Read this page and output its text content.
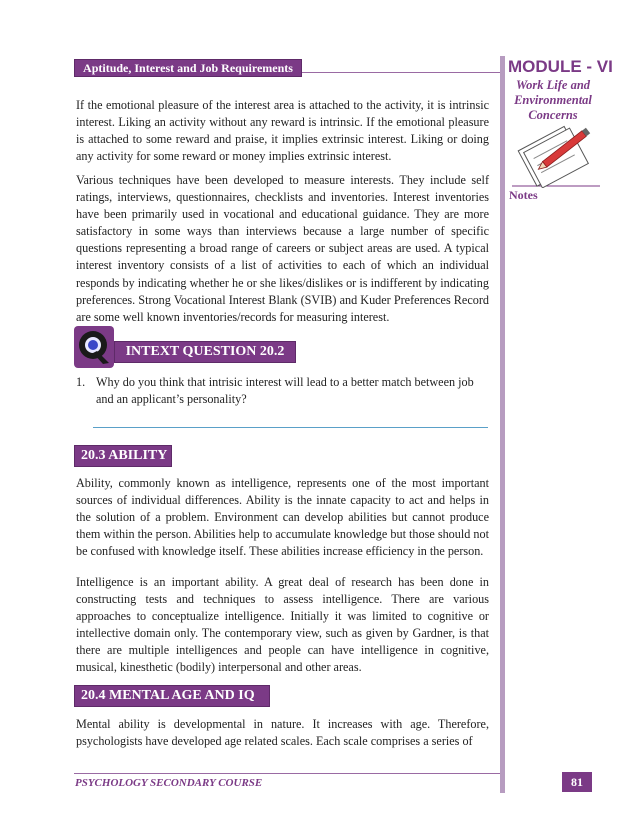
Aptitude, Interest and Job Requirements	MODULE - VI
Work Life and Environmental Concerns
Notes

If the emotional pleasure of the interest area is attached to the activity, it is intrinsic interest. Liking an activity without any reward is intrinsic. If the emotional pleasure is attached to some reward and praise, it implies extrinsic interest. Liking or doing any activity for some reward or money implies extrinsic interest.

Various techniques have been developed to measure interests. They include self ratings, interviews, questionnaires, checklists and inventories. Interest inventories have been primarily used in vocational and educational guidance. They are more satisfactory in some ways than interviews because a large number of specific questions representing a broad range of careers or subject areas are used. A typical interest inventory consists of a list of activities to each of which an individual responds by indicating whether he or she likes/dislikes or is indifferent by indicating preferences. Strong Vocational Interest Blank (SVIB) and Kuder Preferences Record are some well known inventories/records for measuring interest.

INTEXT QUESTION 20.2
1. Why do you think that intrisic interest will lead to a better match between job and an applicant’s personality?
20.3 ABILITY

Ability, commonly known as intelligence, represents one of the most important sources of individual differences. Ability is the innate capacity to act and helps in the solution of a problem. Environment can develop abilities but cannot produce them within the person. Abilities help to accumulate knowledge but those should not be confused with knowledge itself. These abilities increase efficiency in the person.

Intelligence is an important ability. A great deal of research has been done in constructing tests and techniques to assess intelligence. There are various approaches to conceptualize intelligence. Initially it was limited to cognitive or intellective domain only. The contemporary view, such as given by Gardner, is that there are multiple intelligences and people can have intelligence in cognitive, musical, kinesthetic (bodily) interpersonal and other areas.

20.4 MENTAL AGE AND IQ

Mental ability is developmental in nature. It increases with age. Therefore, psychologists have developed age related scales. Each scale comprises a series of

PSYCHOLOGY SECONDARY COURSE	81
